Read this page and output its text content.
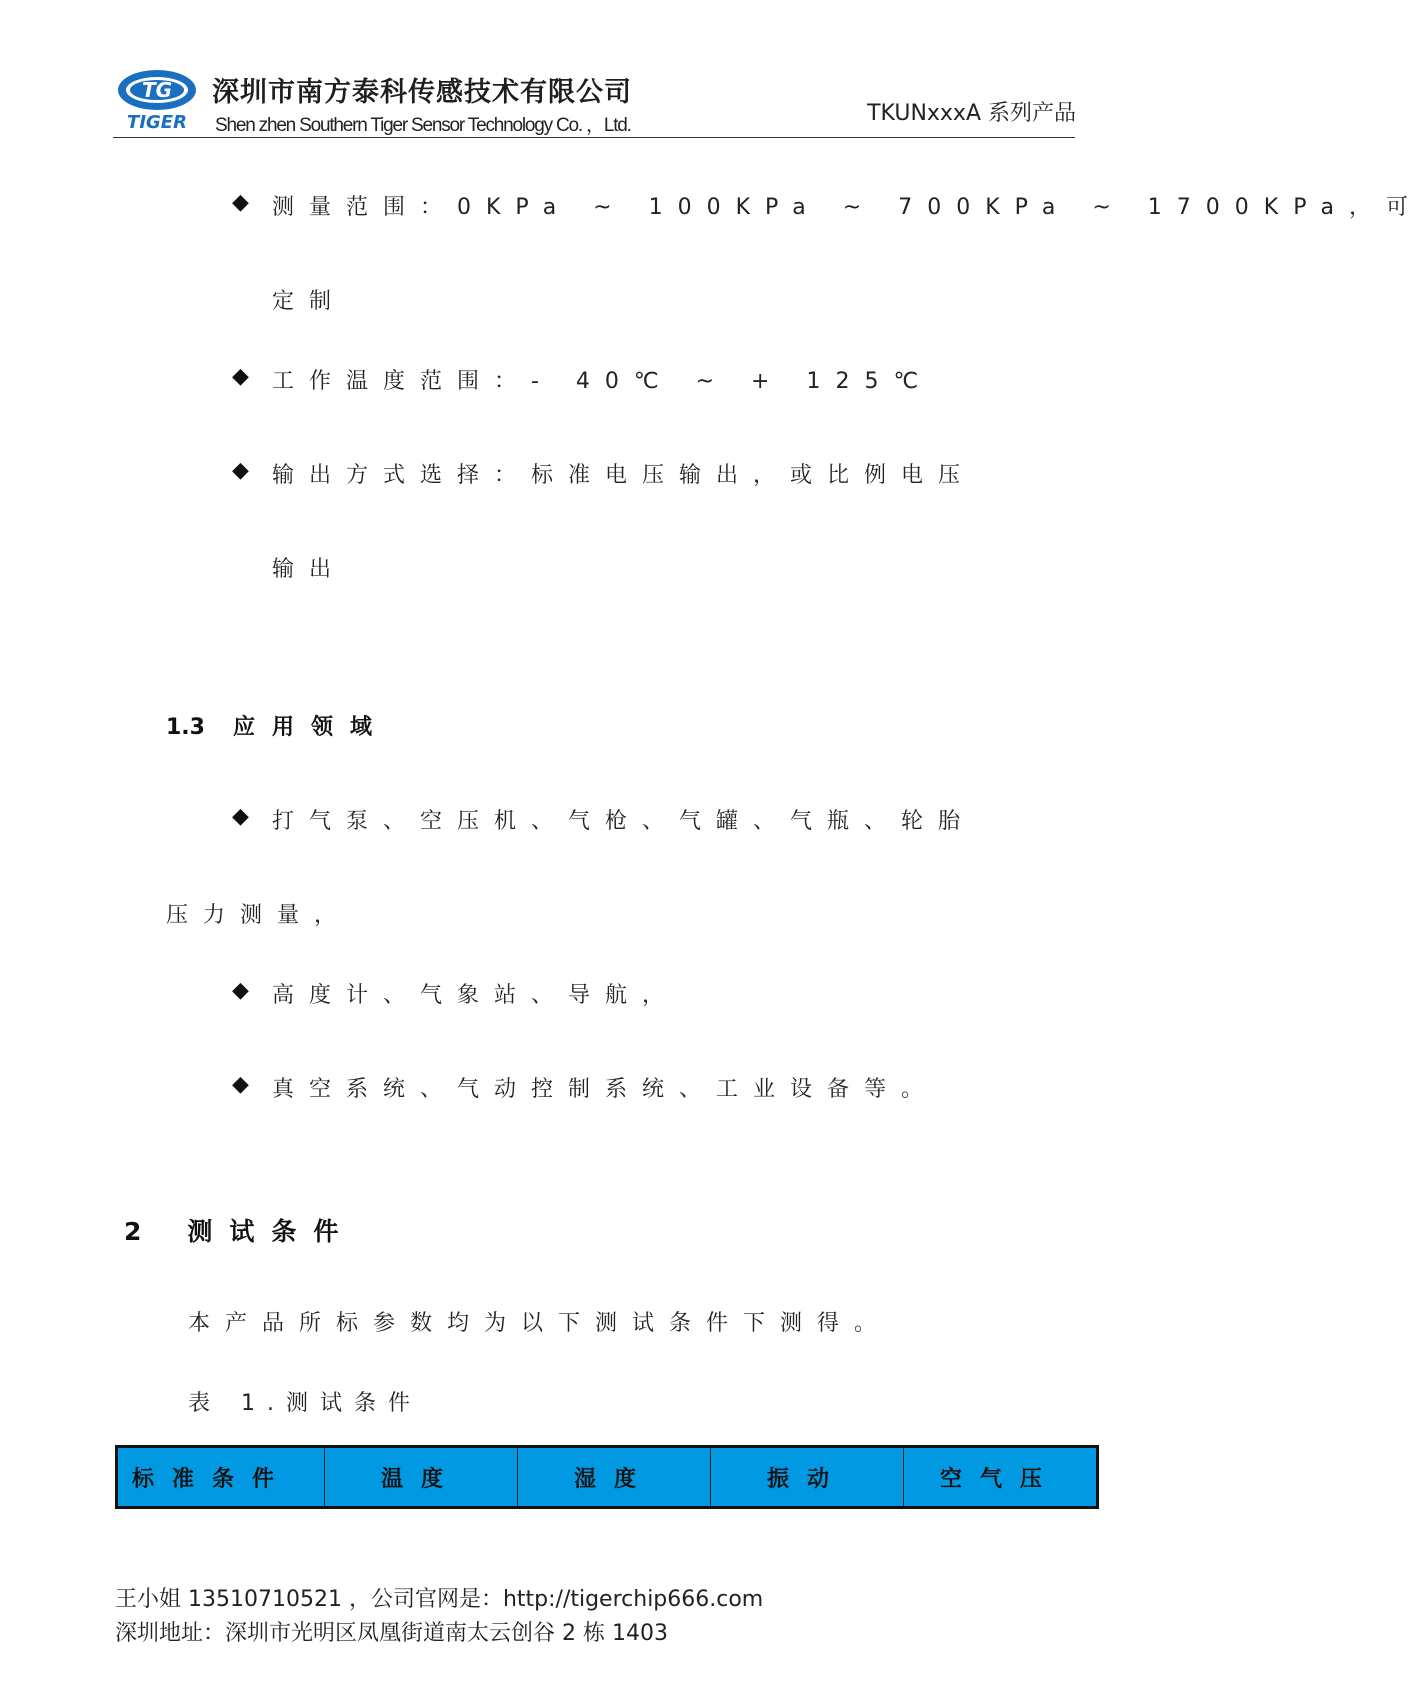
TG
TIGER
深圳市南方泰科传感技术有限公司
Shen zhen Southern Tiger Sensor Technology Co. ，Ltd.	TKUNxxxA 系列产品
◆ 测量范围：0KPa ~ 100KPa ~ 700KPa ~ 1700KPa，可
定制
◆ 工作温度范围：- 40℃ ~ + 125℃
◆ 输出方式选择：标准电压输出，或比例电压
输出
1.3 应用领域
◆ 打气泵、空压机、气枪、气罐、气瓶、轮胎
压力测量，
◆ 高度计、气象站、导航，
◆ 真空系统、气动控制系统、工业设备等。
2 测试条件
本产品所标参数均为以下测试条件下测得。
表 1.测试条件
标准条件	温度	湿度	振动	空气压
王小姐 13510710521 ，公司官网是：http://tigerchip666.com
深圳地址：深圳市光明区凤凰街道南太云创谷 2 栋 1403
